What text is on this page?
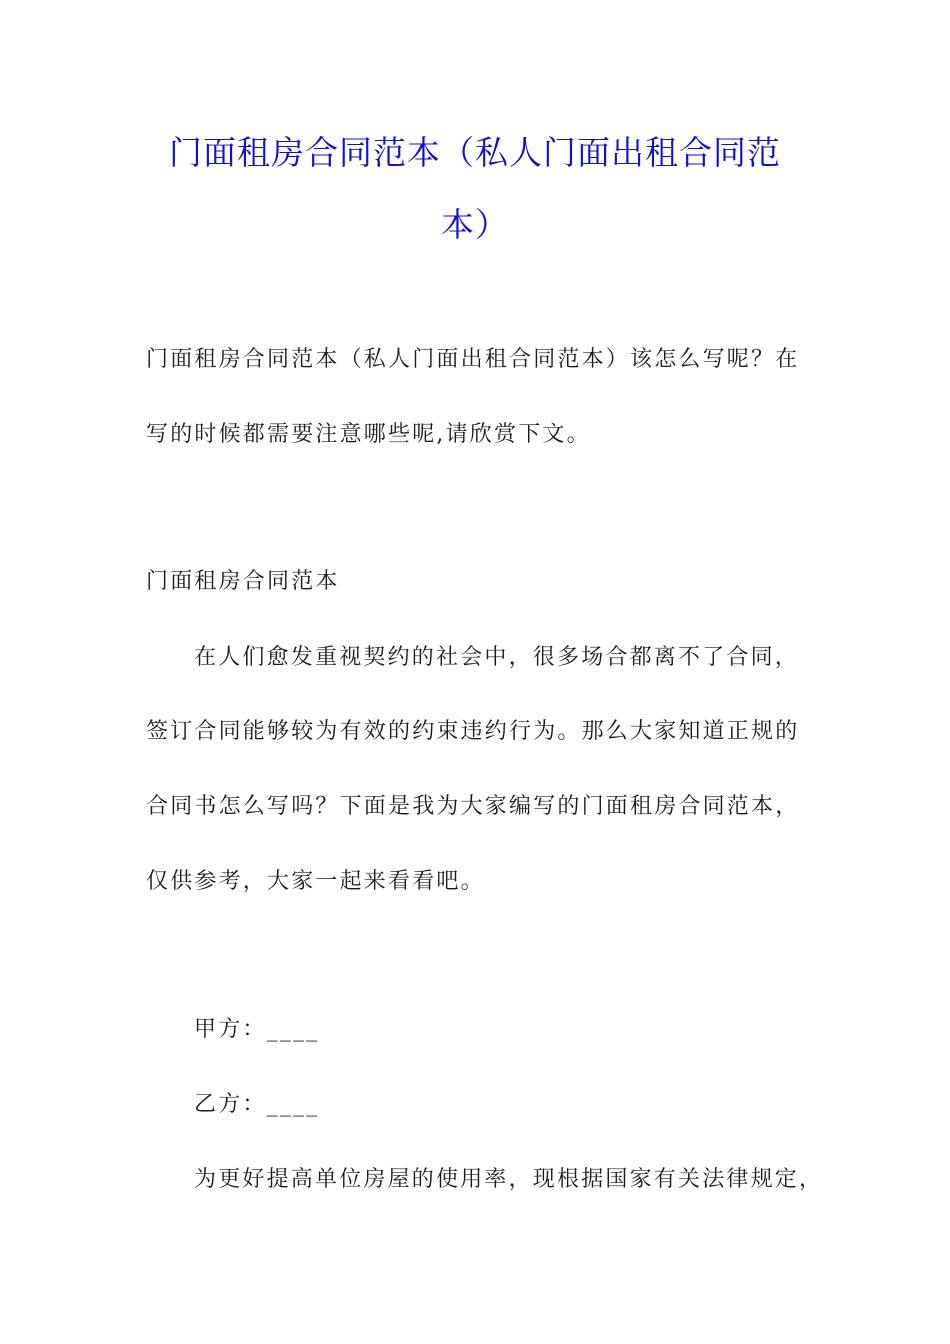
门面租房合同范本（私人门面出租合同范
本）
门面租房合同范本（私人门面出租合同范本）该怎么写呢？在
写的时候都需要注意哪些呢,请欣赏下文。
门面租房合同范本
在人们愈发重视契约的社会中，很多场合都离不了合同，
签订合同能够较为有效的约束违约行为。那么大家知道正规的
合同书怎么写吗？下面是我为大家编写的门面租房合同范本，
仅供参考，大家一起来看看吧。
甲方：____
乙方：____
为更好提高单位房屋的使用率，现根据国家有关法律规定，
